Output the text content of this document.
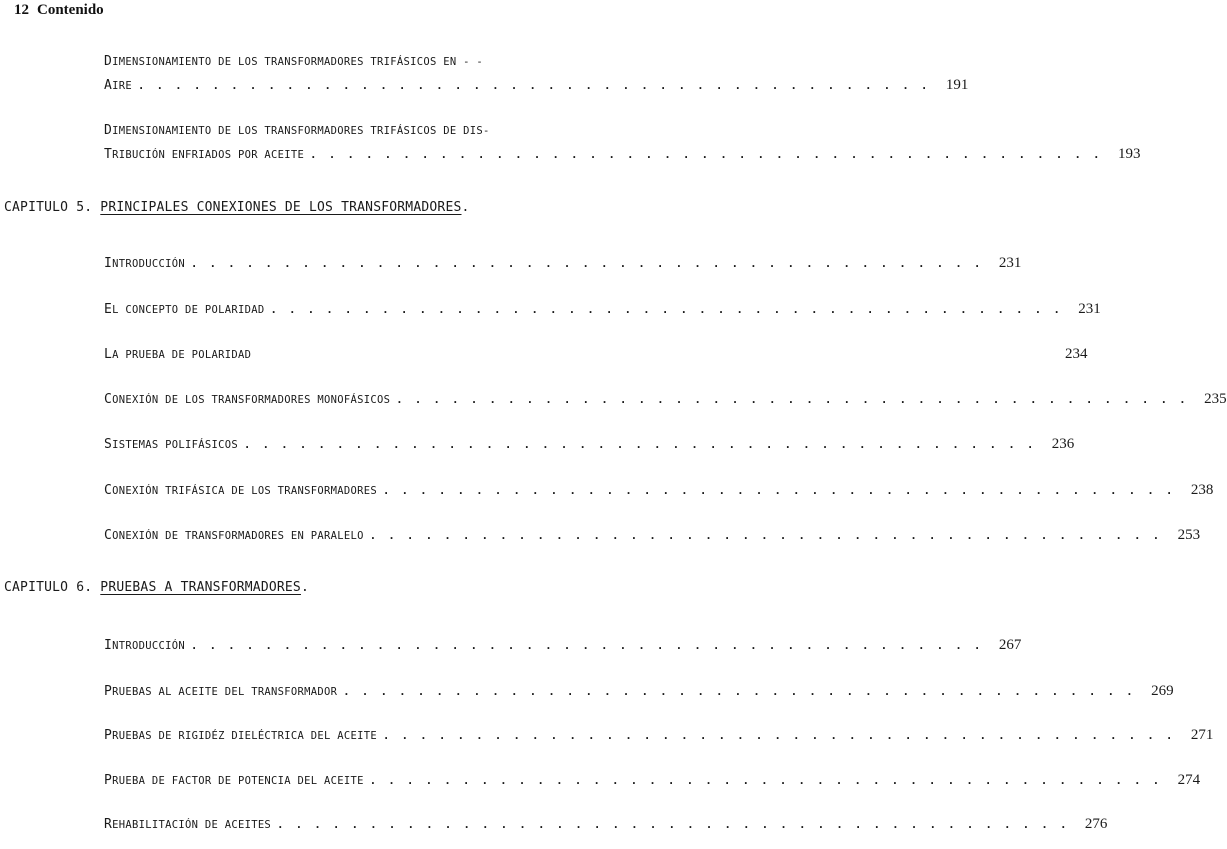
12 Contenido
DIMENSIONAMIENTO DE LOS TRANSFORMADORES TRIFÁSICOS EN - -
AIRE . . . . . . . . . . . . . . . . . . . . . . . . . . . . . . . . . . . . . . . . . . .	191
DIMENSIONAMIENTO DE LOS TRANSFORMADORES TRIFÁSICOS DE DIS-
TRIBUCIÓN ENFRIADOS POR ACEITE . . . . . . . . . . . . . . . . . . . . . . . . . . . . . . . . . . . . . . . . . . .	193
CAPITULO 5. PRINCIPALES CONEXIONES DE LOS TRANSFORMADORES.
INTRODUCCIÓN . . . . . . . . . . . . . . . . . . . . . . . . . . . . . . . . . . . . . . . . . . .	231
EL CONCEPTO DE POLARIDAD . . . . . . . . . . . . . . . . . . . . . . . . . . . . . . . . . . . . . . . . . . .	231
LA PRUEBA DE POLARIDAD	234
CONEXIÓN DE LOS TRANSFORMADORES MONOFÁSICOS . . . . . . . . . . . . . . . . . . . . . . . . . . . . . . . . . . . . . . . . . . .	235
SISTEMAS POLIFÁSICOS . . . . . . . . . . . . . . . . . . . . . . . . . . . . . . . . . . . . . . . . . . .	236
CONEXIÓN TRIFÁSICA DE LOS TRANSFORMADORES . . . . . . . . . . . . . . . . . . . . . . . . . . . . . . . . . . . . . . . . . . .	238
CONEXIÓN DE TRANSFORMADORES EN PARALELO . . . . . . . . . . . . . . . . . . . . . . . . . . . . . . . . . . . . . . . . . . .	253
CAPITULO 6. PRUEBAS A TRANSFORMADORES.
INTRODUCCIÓN . . . . . . . . . . . . . . . . . . . . . . . . . . . . . . . . . . . . . . . . . . .	267
PRUEBAS AL ACEITE DEL TRANSFORMADOR . . . . . . . . . . . . . . . . . . . . . . . . . . . . . . . . . . . . . . . . . . .	269
PRUEBAS DE RIGIDÉZ DIELÉCTRICA DEL ACEITE . . . . . . . . . . . . . . . . . . . . . . . . . . . . . . . . . . . . . . . . . . .	271
PRUEBA DE FACTOR DE POTENCIA DEL ACEITE . . . . . . . . . . . . . . . . . . . . . . . . . . . . . . . . . . . . . . . . . . .	274
REHABILITACIÓN DE ACEITES . . . . . . . . . . . . . . . . . . . . . . . . . . . . . . . . . . . . . . . . . . .	276
